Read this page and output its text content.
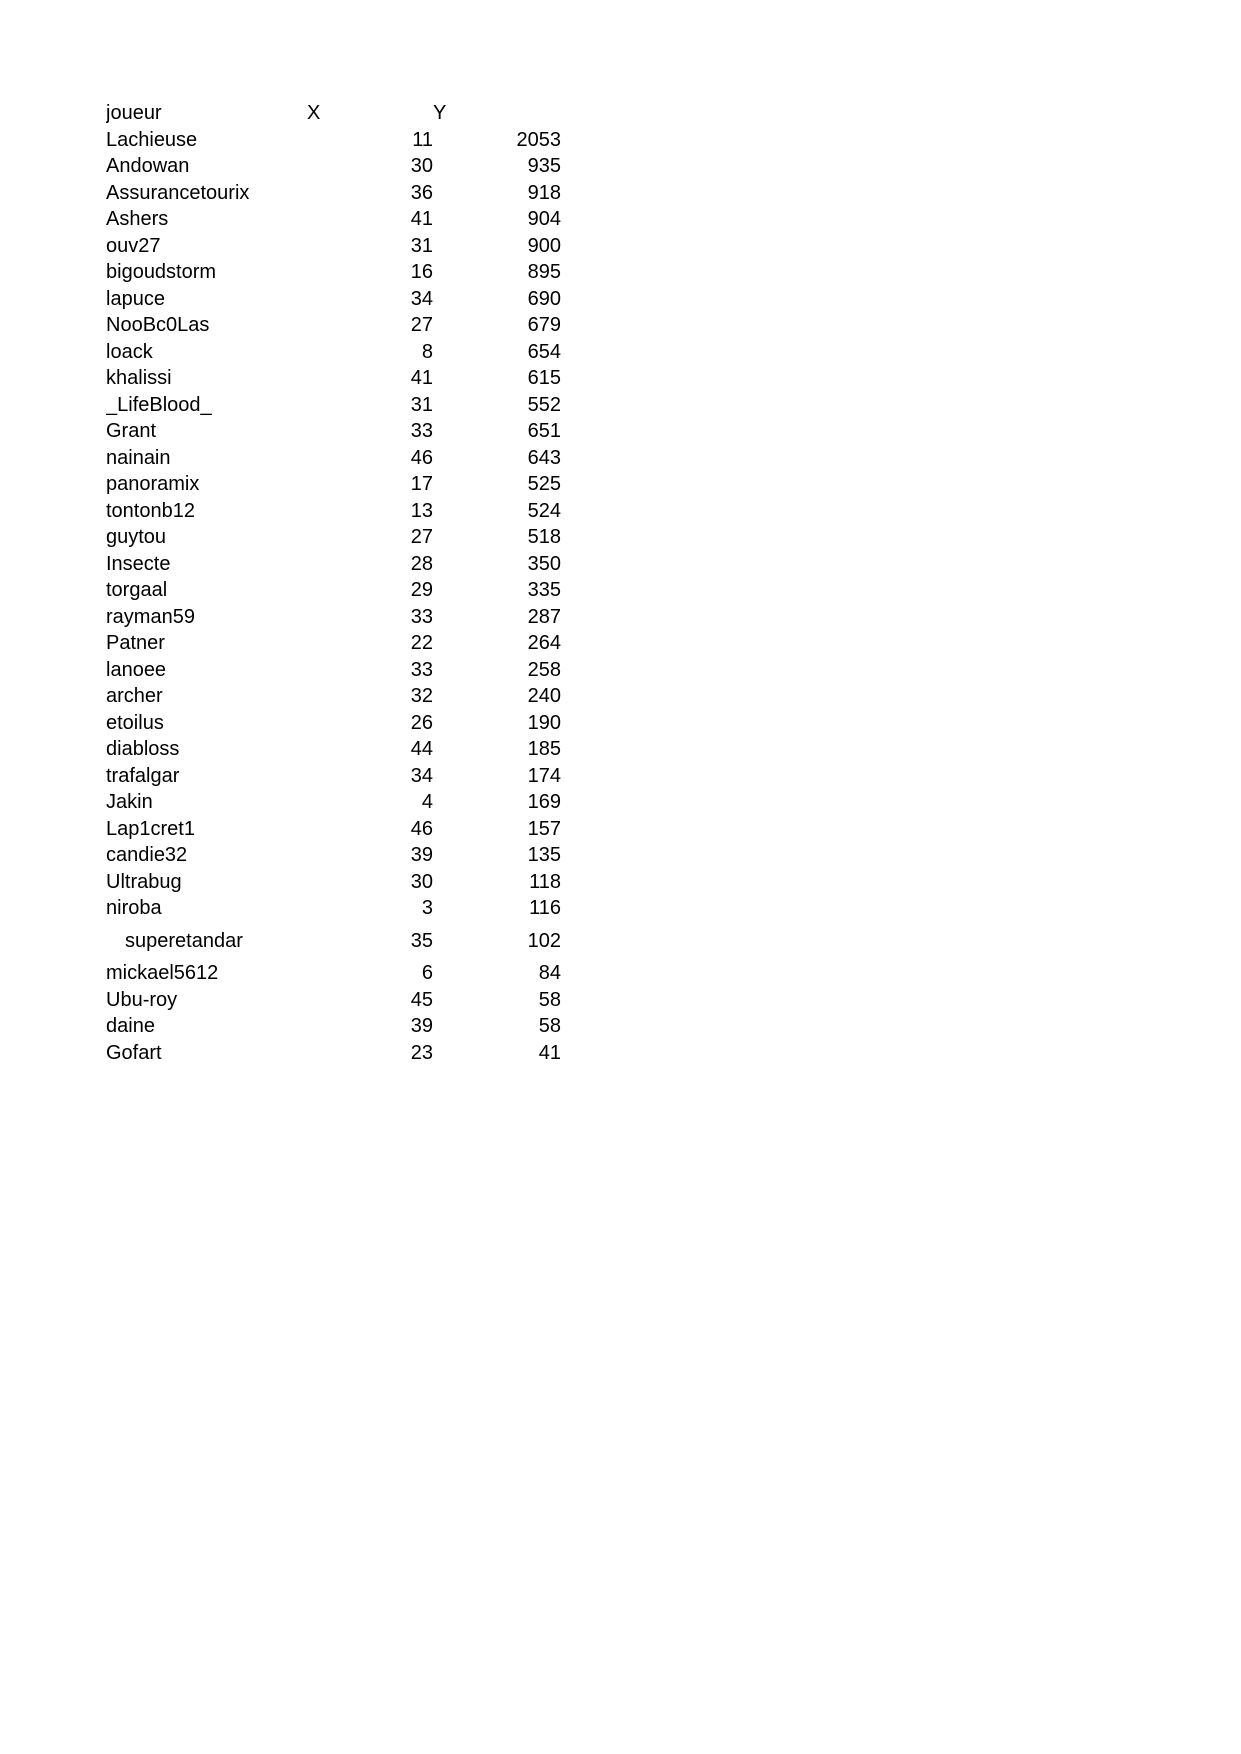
joueur	X	Y
Lachieuse	11	2053
Andowan	30	935
Assurancetourix	36	918
Ashers	41	904
ouv27	31	900
bigoudstorm	16	895
lapuce	34	690
NooBc0Las	27	679
loack	8	654
khalissi	41	615
_LifeBlood_	31	552
Grant	33	651
nainain	46	643
panoramix	17	525
tontonb12	13	524
guytou	27	518
Insecte	28	350
torgaal	29	335
rayman59	33	287
Patner	22	264
lanoee	33	258
archer	32	240
etoilus	26	190
diabloss	44	185
trafalgar	34	174
Jakin	4	169
Lap1cret1	46	157
candie32	39	135
Ultrabug	30	118
niroba	3	116
superetandar	35	102
mickael5612	6	84
Ubu-roy	45	58
daine	39	58
Gofart	23	41
